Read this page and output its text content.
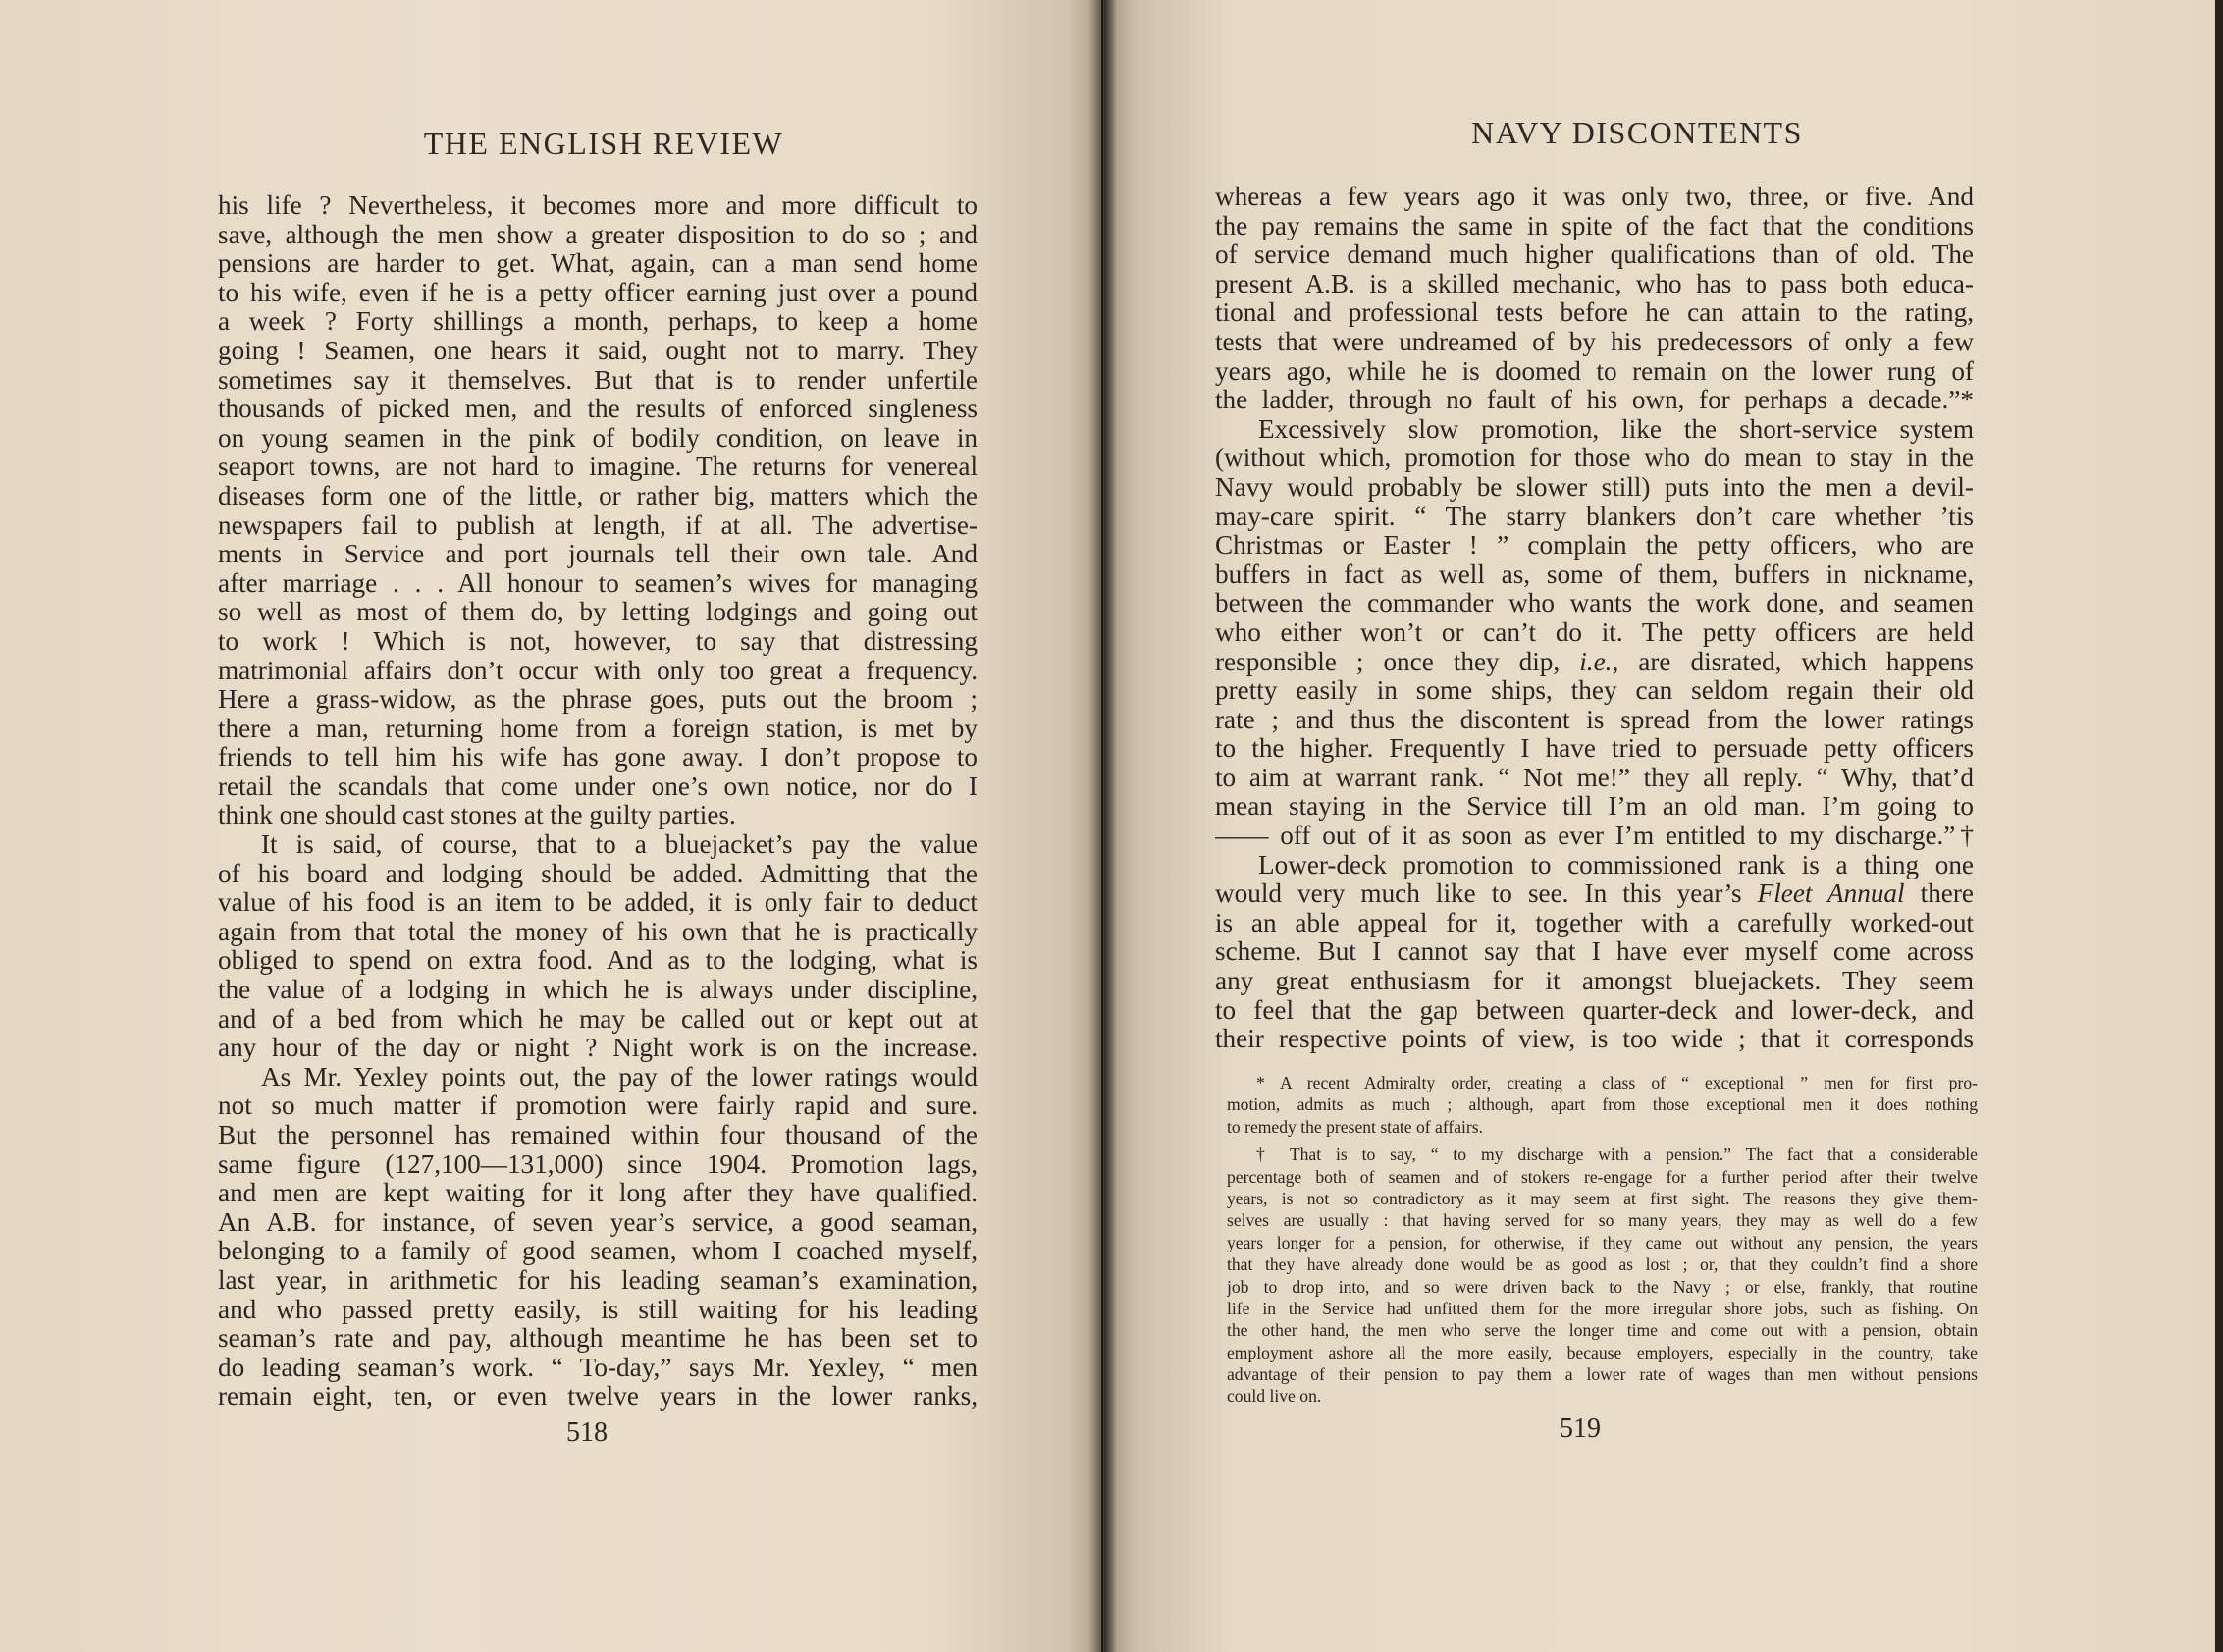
THE ENGLISH REVIEW
his life ? Nevertheless, it becomes more and more difficult to
save, although the men show a greater disposition to do so ; and
pensions are harder to get. What, again, can a man send home
to his wife, even if he is a petty officer earning just over a pound
a week ? Forty shillings a month, perhaps, to keep a home
going ! Seamen, one hears it said, ought not to marry. They
sometimes say it themselves. But that is to render unfertile
thousands of picked men, and the results of enforced singleness
on young seamen in the pink of bodily condition, on leave in
seaport towns, are not hard to imagine. The returns for venereal
diseases form one of the little, or rather big, matters which the
newspapers fail to publish at length, if at all. The advertise-
ments in Service and port journals tell their own tale. And
after marriage . . . All honour to seamen’s wives for managing
so well as most of them do, by letting lodgings and going out
to work ! Which is not, however, to say that distressing
matrimonial affairs don’t occur with only too great a frequency.
Here a grass-widow, as the phrase goes, puts out the broom ;
there a man, returning home from a foreign station, is met by
friends to tell him his wife has gone away. I don’t propose to
retail the scandals that come under one’s own notice, nor do I
think one should cast stones at the guilty parties.
It is said, of course, that to a bluejacket’s pay the value
of his board and lodging should be added. Admitting that the
value of his food is an item to be added, it is only fair to deduct
again from that total the money of his own that he is practically
obliged to spend on extra food. And as to the lodging, what is
the value of a lodging in which he is always under discipline,
and of a bed from which he may be called out or kept out at
any hour of the day or night ? Night work is on the increase.
As Mr. Yexley points out, the pay of the lower ratings would
not so much matter if promotion were fairly rapid and sure.
But the personnel has remained within four thousand of the
same figure (127,100—131,000) since 1904. Promotion lags,
and men are kept waiting for it long after they have qualified.
An A.B. for instance, of seven year’s service, a good seaman,
belonging to a family of good seamen, whom I coached myself,
last year, in arithmetic for his leading seaman’s examination,
and who passed pretty easily, is still waiting for his leading
seaman’s rate and pay, although meantime he has been set to
do leading seaman’s work. “ To-day,” says Mr. Yexley, “ men
remain eight, ten, or even twelve years in the lower ranks,
518
NAVY DISCONTENTS
whereas a few years ago it was only two, three, or five. And
the pay remains the same in spite of the fact that the conditions
of service demand much higher qualifications than of old. The
present A.B. is a skilled mechanic, who has to pass both educa-
tional and professional tests before he can attain to the rating,
tests that were undreamed of by his predecessors of only a few
years ago, while he is doomed to remain on the lower rung of
the ladder, through no fault of his own, for perhaps a decade.”*
Excessively slow promotion, like the short-service system
(without which, promotion for those who do mean to stay in the
Navy would probably be slower still) puts into the men a devil-
may-care spirit. “ The starry blankers don’t care whether ’tis
Christmas or Easter ! ” complain the petty officers, who are
buffers in fact as well as, some of them, buffers in nickname,
between the commander who wants the work done, and seamen
who either won’t or can’t do it. The petty officers are held
responsible ; once they dip, i.e., are disrated, which happens
pretty easily in some ships, they can seldom regain their old
rate ; and thus the discontent is spread from the lower ratings
to the higher. Frequently I have tried to persuade petty officers
to aim at warrant rank. “ Not me!” they all reply. “ Why, that’d
mean staying in the Service till I’m an old man. I’m going to
—— off out of it as soon as ever I’m entitled to my discharge.”†
Lower-deck promotion to commissioned rank is a thing one
would very much like to see. In this year’s Fleet Annual there
is an able appeal for it, together with a carefully worked-out
scheme. But I cannot say that I have ever myself come across
any great enthusiasm for it amongst bluejackets. They seem
to feel that the gap between quarter-deck and lower-deck, and
their respective points of view, is too wide ; that it corresponds
* A recent Admiralty order, creating a class of “ exceptional ” men for first pro-
motion, admits as much ; although, apart from those exceptional men it does nothing
to remedy the present state of affairs.
† That is to say, “ to my discharge with a pension.” The fact that a considerable
percentage both of seamen and of stokers re-engage for a further period after their twelve
years, is not so contradictory as it may seem at first sight. The reasons they give them-
selves are usually : that having served for so many years, they may as well do a few
years longer for a pension, for otherwise, if they came out without any pension, the years
that they have already done would be as good as lost ; or, that they couldn’t find a shore
job to drop into, and so were driven back to the Navy ; or else, frankly, that routine
life in the Service had unfitted them for the more irregular shore jobs, such as fishing. On
the other hand, the men who serve the longer time and come out with a pension, obtain
employment ashore all the more easily, because employers, especially in the country, take
advantage of their pension to pay them a lower rate of wages than men without pensions
could live on.
519
